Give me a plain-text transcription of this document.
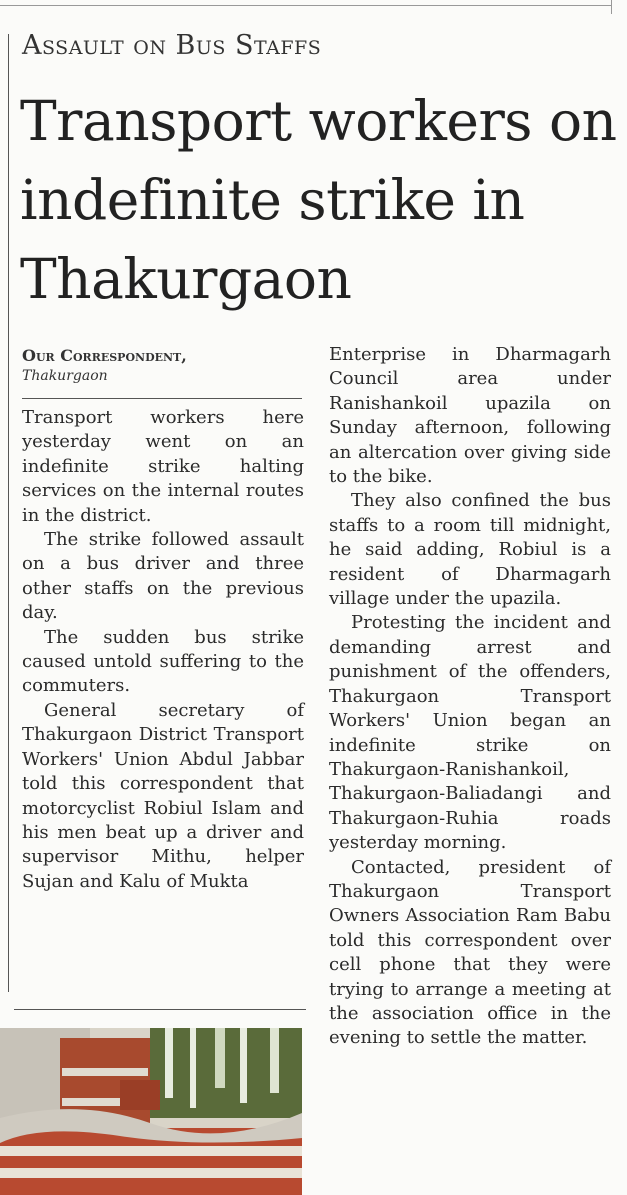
Assault on Bus Staffs
Transport workers on indefinite strike in Thakurgaon
Our Correspondent,
Thakurgaon

Transport workers here yesterday went on an indefinite strike halting services on the internal routes in the district.

The strike followed assault on a bus driver and three other staffs on the previous day.

The sudden bus strike caused untold suffering to the commuters.

General secretary of Thakurgaon District Transport Workers' Union Abdul Jabbar told this correspondent that motorcyclist Robiul Islam and his men beat up a driver and supervisor Mithu, helper Sujan and Kalu of Mukta

Enterprise in Dharmagarh Council area under Ranishankoil upazila on Sunday afternoon, following an altercation over giving side to the bike.

They also confined the bus staffs to a room till midnight, he said adding, Robiul is a resident of Dharmagarh village under the upazila.

Protesting the incident and demanding arrest and punishment of the offenders, Thakurgaon Transport Workers' Union began an indefinite strike on Thakurgaon-Ranishankoil, Thakurgaon-Baliadangi and Thakurgaon-Ruhia roads yesterday morning.

Contacted, president of Thakurgaon Transport Owners Association Ram Babu told this correspondent over cell phone that they were trying to arrange a meeting at the association office in the evening to settle the matter.
